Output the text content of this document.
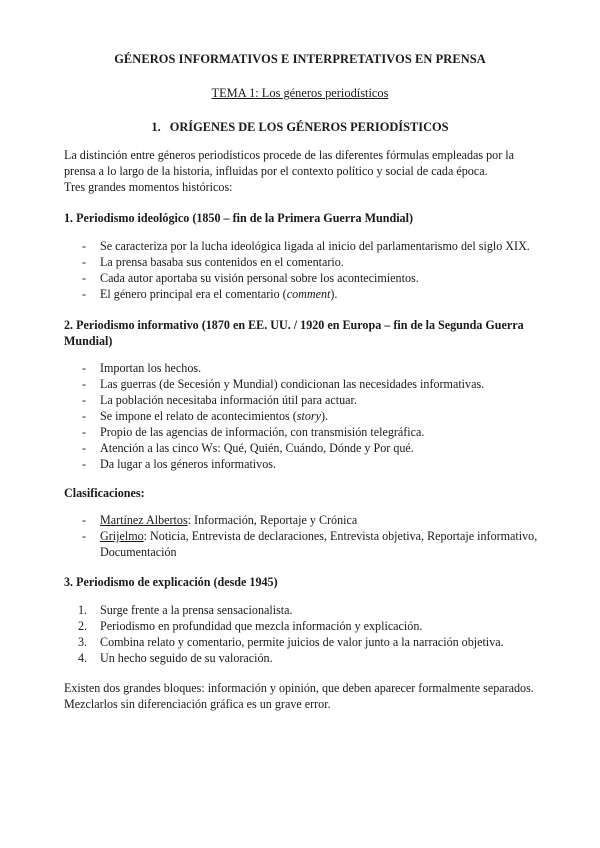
GÉNEROS INFORMATIVOS E INTERPRETATIVOS EN PRENSA
TEMA 1: Los géneros periodísticos
1. ORÍGENES DE LOS GÉNEROS PERIODÍSTICOS

La distinción entre géneros periodísticos procede de las diferentes fórmulas empleadas por la

prensa a lo largo de la historia, influidas por el contexto político y social de cada época.

Tres grandes momentos históricos:

1. Periodismo ideológico (1850 – fin de la Primera Guerra Mundial)
- Se caracteriza por la lucha ideológica ligada al inicio del parlamentarismo del siglo XIX.
- La prensa basaba sus contenidos en el comentario.
- Cada autor aportaba su visión personal sobre los acontecimientos.
- El género principal era el comentario (comment).

2. Periodismo informativo (1870 en EE. UU. / 1920 en Europa – fin de la Segunda Guerra

Mundial)

- Importan los hechos.
- Las guerras (de Secesión y Mundial) condicionan las necesidades informativas.
- La población necesitaba información útil para actuar.
- Se impone el relato de acontecimientos (story).
- Propio de las agencias de información, con transmisión telegráfica.
- Atención a las cinco Ws: Qué, Quién, Cuándo, Dónde y Por qué.
- Da lugar a los géneros informativos.
Clasificaciones:
- Martínez Albertos: Información, Reportaje y Crónica
- Grijelmo: Noticia, Entrevista de declaraciones, Entrevista objetiva, Reportaje informativo,
Documentación
3. Periodismo de explicación (desde 1945)
1. Surge frente a la prensa sensacionalista.
2. Periodismo en profundidad que mezcla información y explicación.
3. Combina relato y comentario, permite juicios de valor junto a la narración objetiva.
4. Un hecho seguido de su valoración.

Existen dos grandes bloques: información y opinión, que deben aparecer formalmente separados.

Mezclarlos sin diferenciación gráfica es un grave error.
